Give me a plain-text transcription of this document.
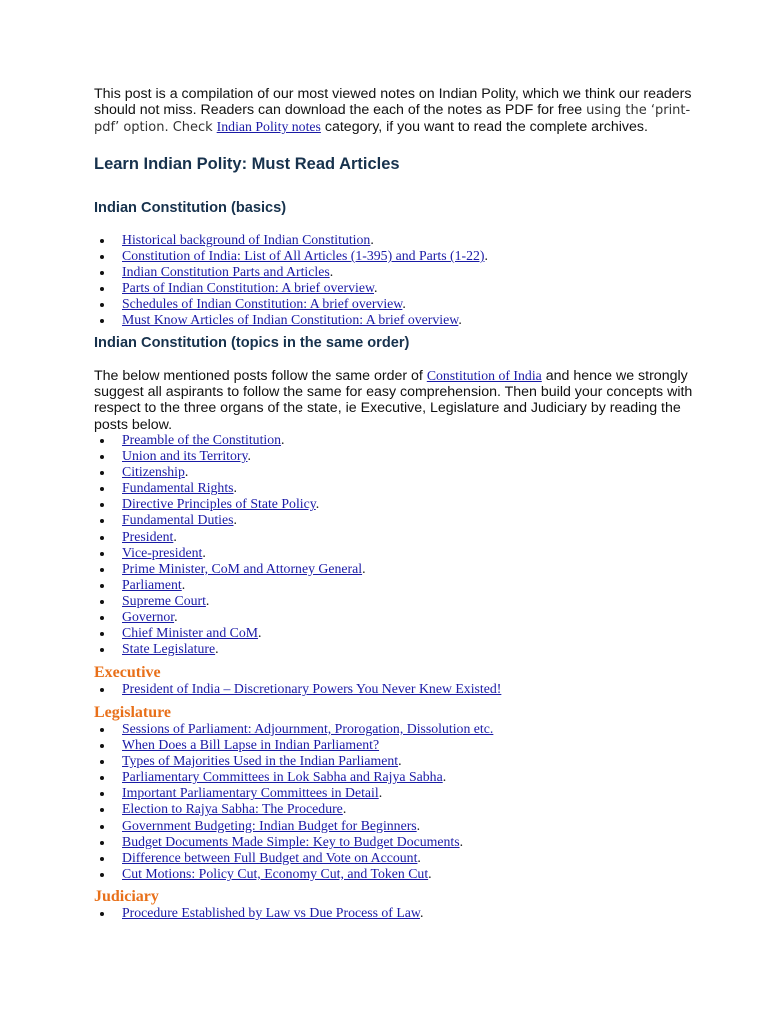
This post is a compilation of our most viewed notes on Indian Polity, which we think our readers should not miss. Readers can download the each of the notes as PDF for free using the ‘print-pdf’ option. Check Indian Polity notes category, if you want to read the complete archives.

Learn Indian Polity: Must Read Articles
Indian Constitution (basics)
Historical background of Indian Constitution.
Constitution of India: List of All Articles (1-395) and Parts (1-22).
Indian Constitution Parts and Articles.
Parts of Indian Constitution: A brief overview.
Schedules of Indian Constitution: A brief overview.
Must Know Articles of Indian Constitution: A brief overview.
Indian Constitution (topics in the same order)

The below mentioned posts follow the same order of Constitution of India and hence we strongly suggest all aspirants to follow the same for easy comprehension. Then build your concepts with respect to the three organs of the state, ie Executive, Legislature and Judiciary by reading the posts below.

Preamble of the Constitution.
Union and its Territory.
Citizenship.
Fundamental Rights.
Directive Principles of State Policy.
Fundamental Duties.
President.
Vice-president.
Prime Minister, CoM and Attorney General.
Parliament.
Supreme Court.
Governor.
Chief Minister and CoM.
State Legislature.
Executive
President of India – Discretionary Powers You Never Knew Existed!
Legislature
Sessions of Parliament: Adjournment, Prorogation, Dissolution etc.
When Does a Bill Lapse in Indian Parliament?
Types of Majorities Used in the Indian Parliament.
Parliamentary Committees in Lok Sabha and Rajya Sabha.
Important Parliamentary Committees in Detail.
Election to Rajya Sabha: The Procedure.
Government Budgeting: Indian Budget for Beginners.
Budget Documents Made Simple: Key to Budget Documents.
Difference between Full Budget and Vote on Account.
Cut Motions: Policy Cut, Economy Cut, and Token Cut.
Judiciary
Procedure Established by Law vs Due Process of Law.
